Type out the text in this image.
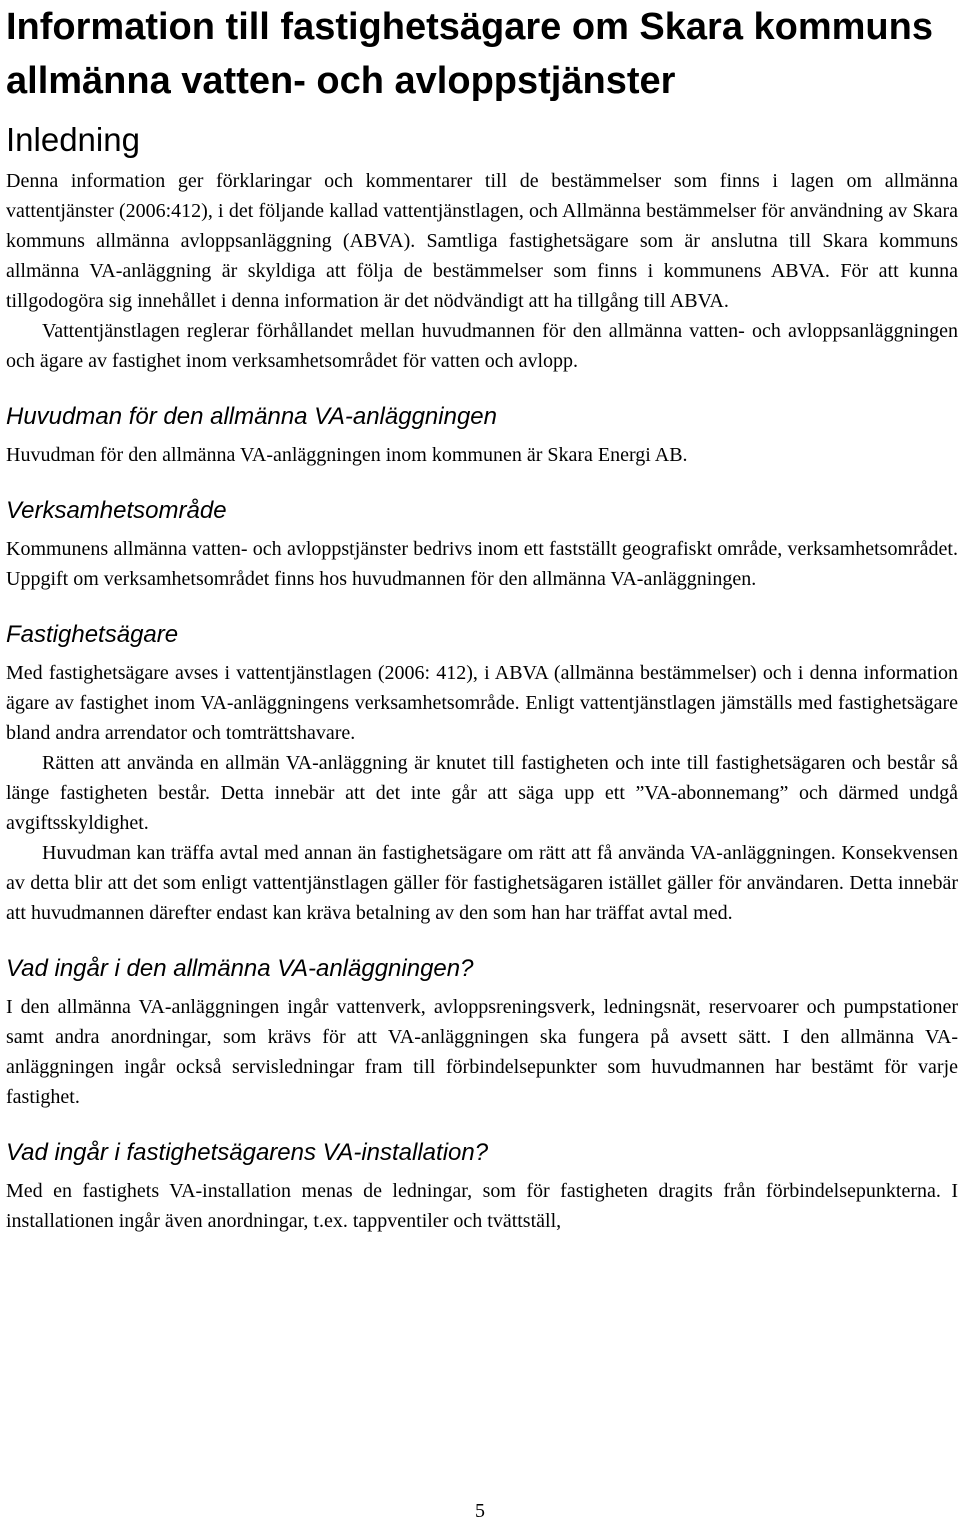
Information till fastighetsägare om Skara kommuns allmänna vatten- och avloppstjänster
Inledning

Denna information ger förklaringar och kommentarer till de bestämmelser som finns i lagen om allmänna vattentjänster (2006:412), i det följande kallad vattentjänstlagen, och Allmänna bestämmelser för användning av Skara kommuns allmänna avloppsanläggning (ABVA). Samtliga fastighetsägare som är anslutna till Skara kommuns allmänna VA-anläggning är skyldiga att följa de bestämmelser som finns i kommunens ABVA. För att kunna tillgodogöra sig innehållet i denna information är det nödvändigt att ha tillgång till ABVA.

Vattentjänstlagen reglerar förhållandet mellan huvudmannen för den allmänna vatten- och avloppsanläggningen och ägare av fastighet inom verksamhetsområdet för vatten och avlopp.

Huvudman för den allmänna VA-anläggningen

Huvudman för den allmänna VA-anläggningen inom kommunen är Skara Energi AB.

Verksamhetsområde

Kommunens allmänna vatten- och avloppstjänster bedrivs inom ett fastställt geografiskt område, verksamhetsområdet. Uppgift om verksamhetsområdet finns hos huvudmannen för den allmänna VA-anläggningen.

Fastighetsägare

Med fastighetsägare avses i vattentjänstlagen (2006: 412), i ABVA (allmänna bestämmelser) och i denna information ägare av fastighet inom VA-anläggningens verksamhetsområde. Enligt vattentjänstlagen jämställs med fastighetsägare bland andra arrendator och tomträttshavare.

Rätten att använda en allmän VA-anläggning är knutet till fastigheten och inte till fastighetsägaren och består så länge fastigheten består. Detta innebär att det inte går att säga upp ett ”VA-abonnemang” och därmed undgå avgiftsskyldighet.

Huvudman kan träffa avtal med annan än fastighetsägare om rätt att få använda VA-anläggningen. Konsekvensen av detta blir att det som enligt vattentjänstlagen gäller för fastighetsägaren istället gäller för användaren. Detta innebär att huvudmannen därefter endast kan kräva betalning av den som han har träffat avtal med.

Vad ingår i den allmänna VA-anläggningen?

I den allmänna VA-anläggningen ingår vattenverk, avloppsreningsverk, ledningsnät, reservoarer och pumpstationer samt andra anordningar, som krävs för att VA-anläggningen ska fungera på avsett sätt. I den allmänna VA-anläggningen ingår också servisledningar fram till förbindelsepunkter som huvudmannen har bestämt för varje fastighet.

Vad ingår i fastighetsägarens VA-installation?

Med en fastighets VA-installation menas de ledningar, som för fastigheten dragits från förbindelsepunkterna. I installationen ingår även anordningar, t.ex. tappventiler och tvättställ,

5
